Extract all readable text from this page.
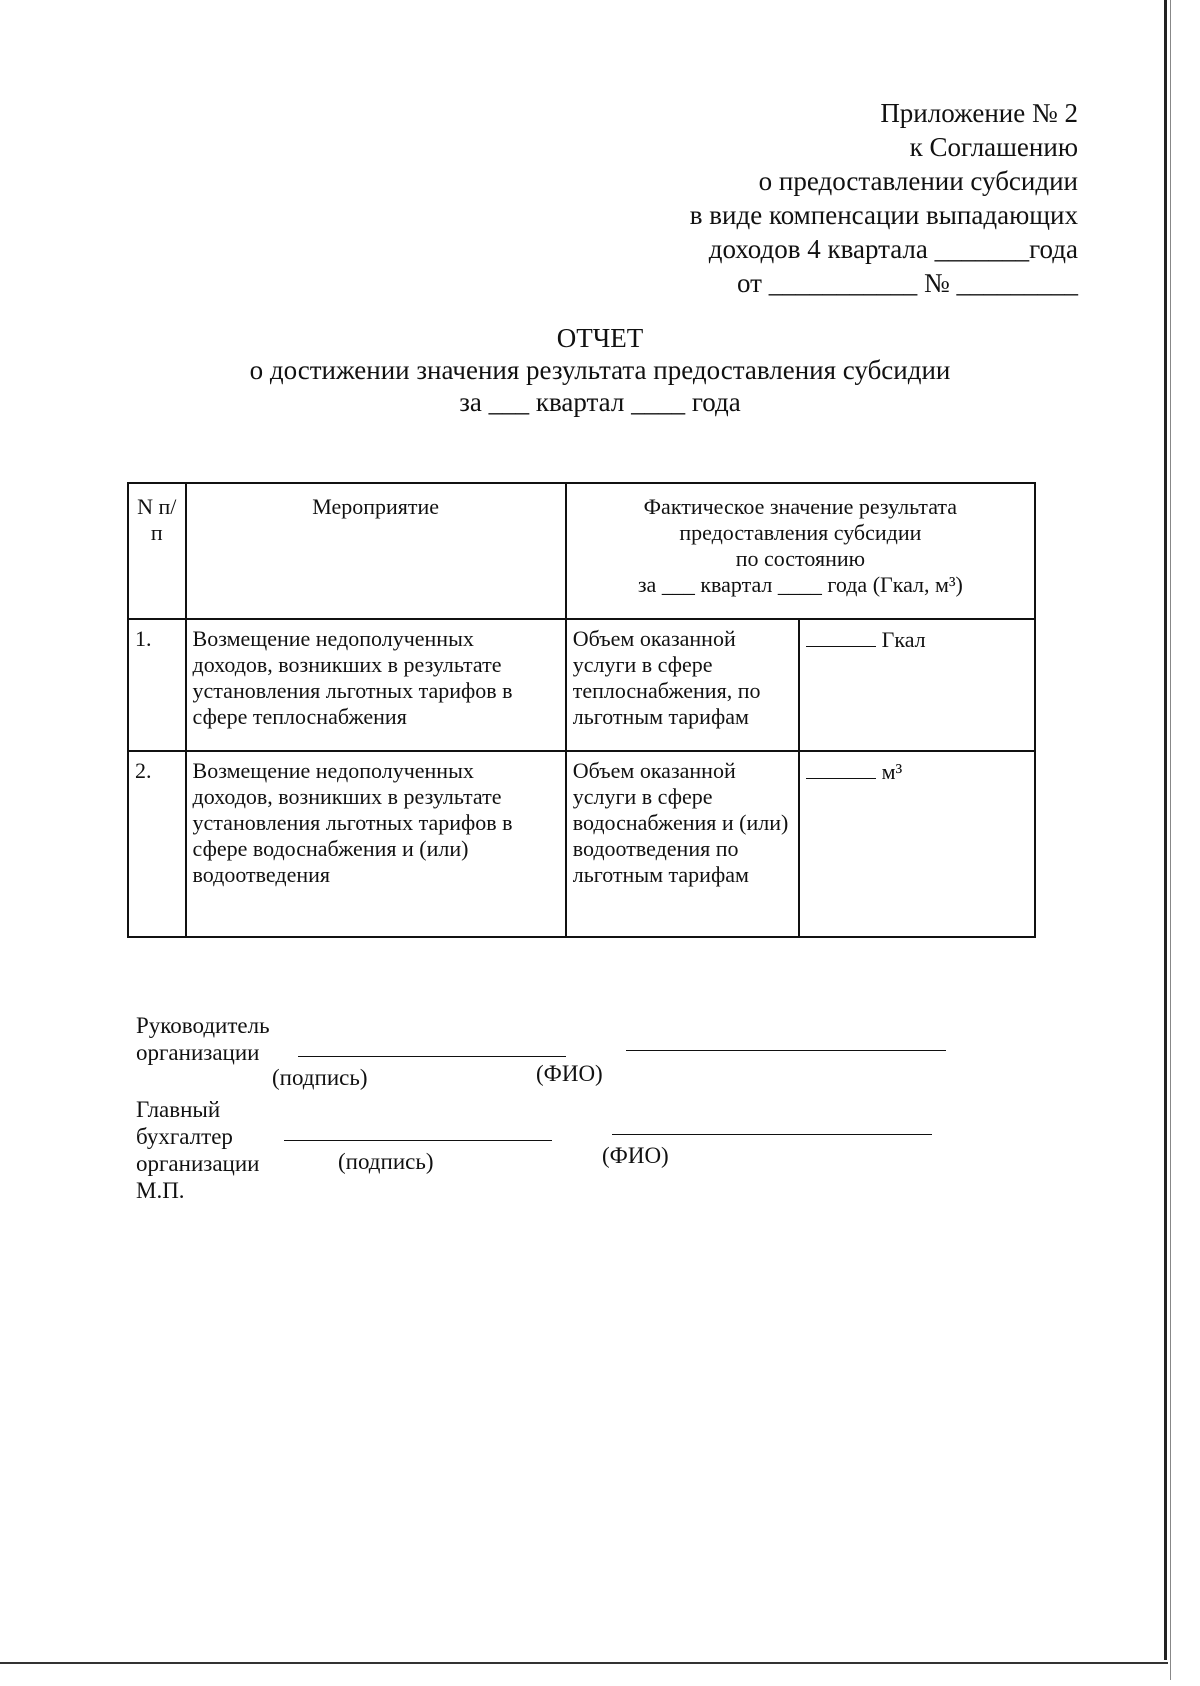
Приложение № 2
к Соглашению
о предоставлении субсидии
в виде компенсации выпадающих
доходов 4 квартала _______года
от ___________ № _________
ОТЧЕТ
о достижении значения результата предоставления субсидии
за ___ квартал ____ года
N п/п	Мероприятие	Фактическое значение результата
предоставления субсидии
по состоянию
за ___ квартал ____ года (Гкал, м³)	

1.	Возмещение недополученных доходов, возникших в результате установления льготных тарифов в сфере теплоснабжения	Объем оказанной услуги в сфере теплоснабжения, по льготным тарифам	Гкал
2.	Возмещение недополученных доходов, возникших в результате установления льготных тарифов в сфере водоснабжения и (или) водоотведения	Объем оказанной услуги в сфере водоснабжения и (или) водоотведения по льготным тарифам	м³
Руководитель
организации
(подпись)	(ФИО)
Главный
бухгалтер
организации
М.П.
(подпись)	(ФИО)
